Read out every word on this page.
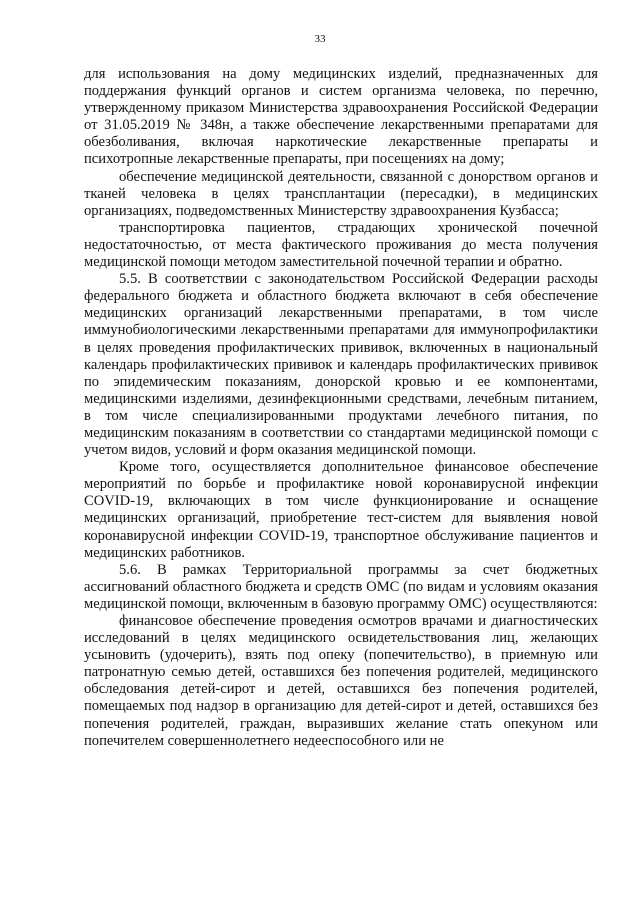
33

для использования на дому медицинских изделий, предназначенных для поддержания функций органов и систем организма человека, по перечню, утвержденному приказом Министерства здравоохранения Российской Федерации от 31.05.2019 № 348н, а также обеспечение лекарственными препаратами для обезболивания, включая наркотические лекарственные препараты и психотропные лекарственные препараты, при посещениях на дому;

обеспечение медицинской деятельности, связанной с донорством органов и тканей человека в целях трансплантации (пересадки), в медицинских организациях, подведомственных Министерству здравоохранения Кузбасса;

транспортировка пациентов, страдающих хронической почечной недостаточностью, от места фактического проживания до места получения медицинской помощи методом заместительной почечной терапии и обратно.

5.5. В соответствии с законодательством Российской Федерации расходы федерального бюджета и областного бюджета включают в себя обеспечение медицинских организаций лекарственными препаратами, в том числе иммунобиологическими лекарственными препаратами для иммунопрофилактики в целях проведения профилактических прививок, включенных в национальный календарь профилактических прививок и календарь профилактических прививок по эпидемическим показаниям, донорской кровью и ее компонентами, медицинскими изделиями, дезинфекционными средствами, лечебным питанием, в том числе специализированными продуктами лечебного питания, по медицинским показаниям в соответствии со стандартами медицинской помощи с учетом видов, условий и форм оказания медицинской помощи.

Кроме того, осуществляется дополнительное финансовое обеспечение мероприятий по борьбе и профилактике новой коронавирусной инфекции COVID-19, включающих в том числе функционирование и оснащение медицинских организаций, приобретение тест-систем для выявления новой коронавирусной инфекции COVID-19, транспортное обслуживание пациентов и медицинских работников.

5.6. В рамках Территориальной программы за счет бюджетных ассигнований областного бюджета и средств ОМС (по видам и условиям оказания медицинской помощи, включенным в базовую программу ОМС) осуществляются:

финансовое обеспечение проведения осмотров врачами и диагностических исследований в целях медицинского освидетельствования лиц, желающих усыновить (удочерить), взять под опеку (попечительство), в приемную или патронатную семью детей, оставшихся без попечения родителей, медицинского обследования детей-сирот и детей, оставшихся без попечения родителей, помещаемых под надзор в организацию для детей-сирот и детей, оставшихся без попечения родителей, граждан, выразивших желание стать опекуном или попечителем совершеннолетнего недееспособного или не
